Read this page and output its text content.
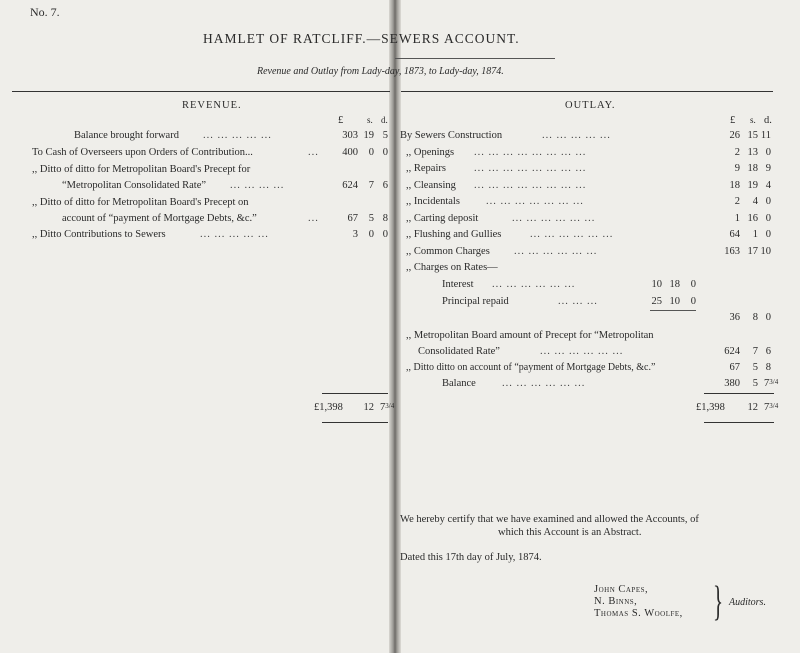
No. 7.
HAMLET OF RATCLIFF.—SEWERS ACCOUNT.
Revenue and Outlay from Lady-day, 1873, to Lady-day, 1874.
REVENUE.
£	s. d.
OUTLAY.
£ s. d.
Balance brought forward ... ... ... ... ...	303 19 5
To Cash of Overseers upon Orders of Contribution...	...	400	0 0
,, Ditto of ditto for Metropolitan Board's Precept for
“Metropolitan Consolidated Rate” ... ... ... ...	624	7 6
,, Ditto of ditto for Metropolitan Board's Precept on
account of “payment of Mortgage Debts, &c.”	...	67	5 8
,, Ditto Contributions to Sewers	... ... ... ... ...	3	0 0
By Sewers Construction	... ... ... ... ...	26 15 11
,, Openings ... ... ... ... ... ... ... ...	2 13 0
,, Repairs	... ... ... ... ... ... ... ...	9 18 9
,, Cleansing ... ... ... ... ... ... ... ...	18 19 4
,, Incidentals ... ... ... ... ... ... ...	2	4 0
,, Carting deposit	... ... ... ... ... ...	1 16 0
,, Flushing and Gullies	... ... ... ... ... ...	64	1 0
,, Common Charges ... ... ... ... ... ...	163 17 10
,, Charges on Rates—
Interest ... ... ... ... ... ...	10 18	0
Principal repaid	... ... ...	25 10	0
36	8 0
,, Metropolitan Board amount of Precept for “Metropolitan
Consolidated Rate”	... ... ... ... ... ...	624	7 6
,, Ditto ditto on account of “payment of Mortgage Debts, &c.”	67	5 8
Balance ... ... ... ... ... ...	380	5 73/4
£1,398	12 73/4	£1,398	12 73/4
We hereby certify that we have examined and allowed the Accounts, of
which this Account is an Abstract.
Dated this 17th day of July, 1874.
John Capes,
N. Binns,
Thomas S. Woolfe, } Auditors.
